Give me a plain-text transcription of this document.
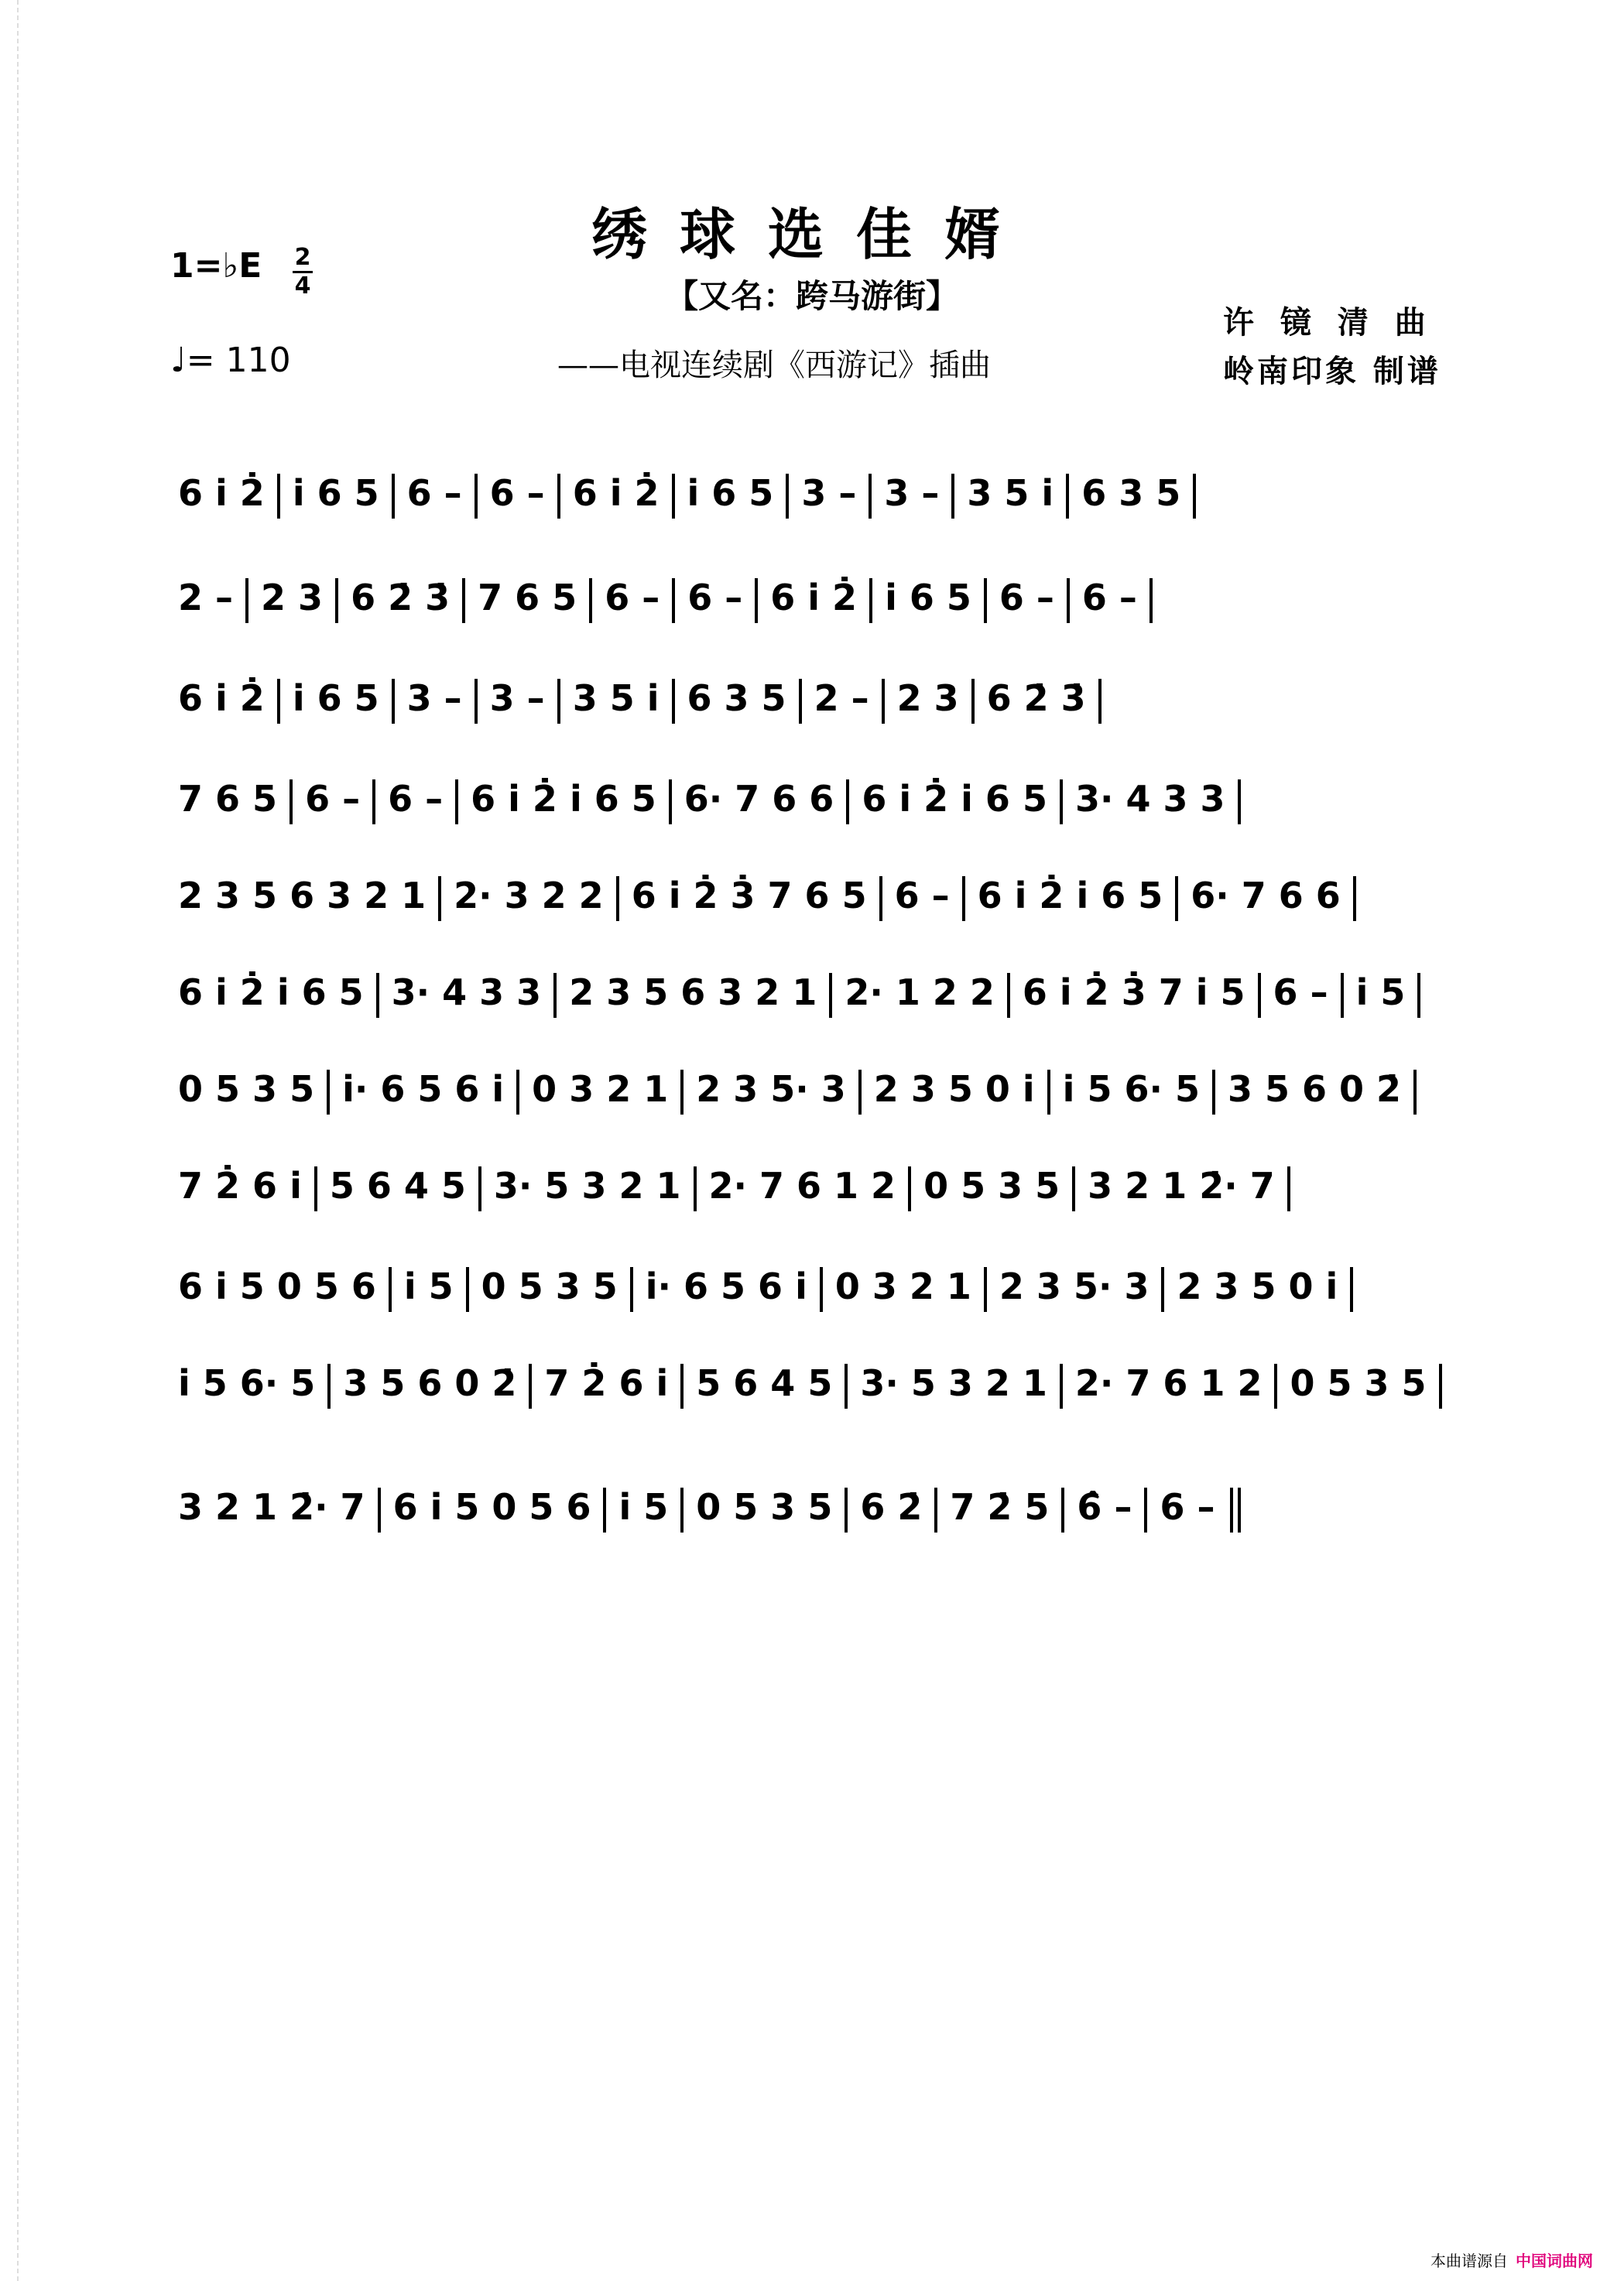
绣球选佳婿
【又名：跨马游街】
——电视连续剧《西游记》插曲
1=♭E 2
4
♩= 110
许 镜 清 曲
岭南印象 制谱
6 i 2̇ i 6 5 6 – 6 – 6 i 2̇ i 6 5 3 – 3 – 3 5 i 6 3 5
2 – 2 3 6 2̇ 3̇ 7 6 5 6 – 6 – 6 i 2̇ i 6 5 6 – 6 –
6 i 2̇ i 6 5 3 – 3 – 3 5 i 6 3 5 2 – 2 3 6 2̇ 3̇
7 6 5 6 – 6 – 6 i 2̇ i 6 5 6· 7 6 6 6 i 2̇ i 6 5 3· 4 3 3
2 3 5 6 3 2 1 2· 3 2 2 6 i 2̇ 3̇ 7 6 5 6 – 6 i 2̇ i 6 5 6· 7 6 6
6 i 2̇ i 6 5 3· 4 3 3 2 3 5 6 3 2 1 2· 1 2 2 6 i 2̇ 3̇ 7 i 5 6 – i 5
0 5 3 5 i· 6 5 6 i 0 3 2 1 2 3 5· 3 2 3 5 0 i i 5 6· 5 3 5 6 0 2̇
7 2̇ 6 i 5 6 4 5 3· 5 3 2 1 2· 7 6 1 2 0 5 3 5 3 2 1 2̇· 7
6 i 5 0 5 6 i 5 0 5 3 5 i· 6 5 6 i 0 3 2 1 2 3 5· 3 2 3 5 0 i
i 5 6· 5 3 5 6 0 2̇ 7 2̇ 6 i 5 6 4 5 3· 5 3 2 1 2· 7 6 1 2 0 5 3 5
3 2 1 2̇· 7 6 i 5 0 5 6 i 5 0 5 3 5 6 2̇ 7 2̇ 5 6̂ – 6 –
本曲谱源自 中国词曲网
